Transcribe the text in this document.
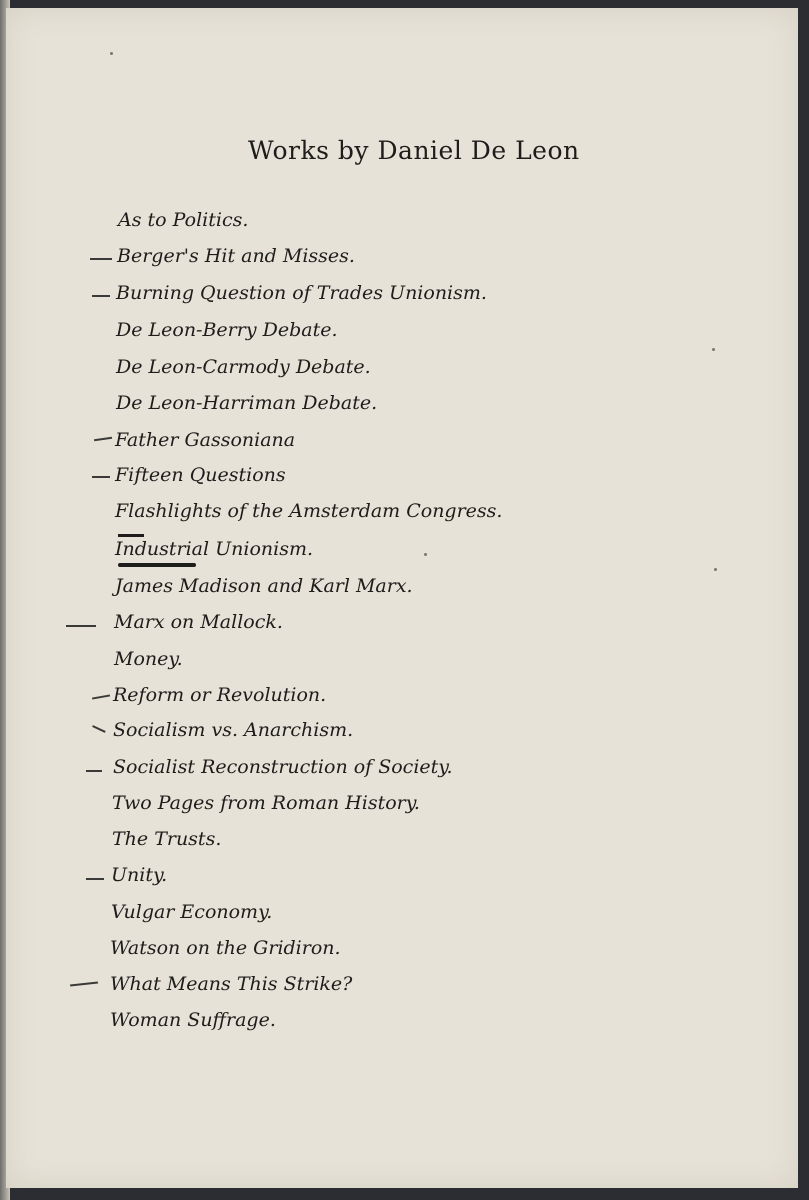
Works by Daniel De Leon
As to Politics.
Berger's Hit and Misses.
Burning Question of Trades Unionism.
De Leon-Berry Debate.
De Leon-Carmody Debate.
De Leon-Harriman Debate.
Father Gassoniana
Fifteen Questions
Flashlights of the Amsterdam Congress.
Industrial Unionism.
James Madison and Karl Marx.
Marx on Mallock.
Money.
Reform or Revolution.
Socialism vs. Anarchism.
Socialist Reconstruction of Society.
Two Pages from Roman History.
The Trusts.
Unity.
Vulgar Economy.
Watson on the Gridiron.
What Means This Strike?
Woman Suffrage.
